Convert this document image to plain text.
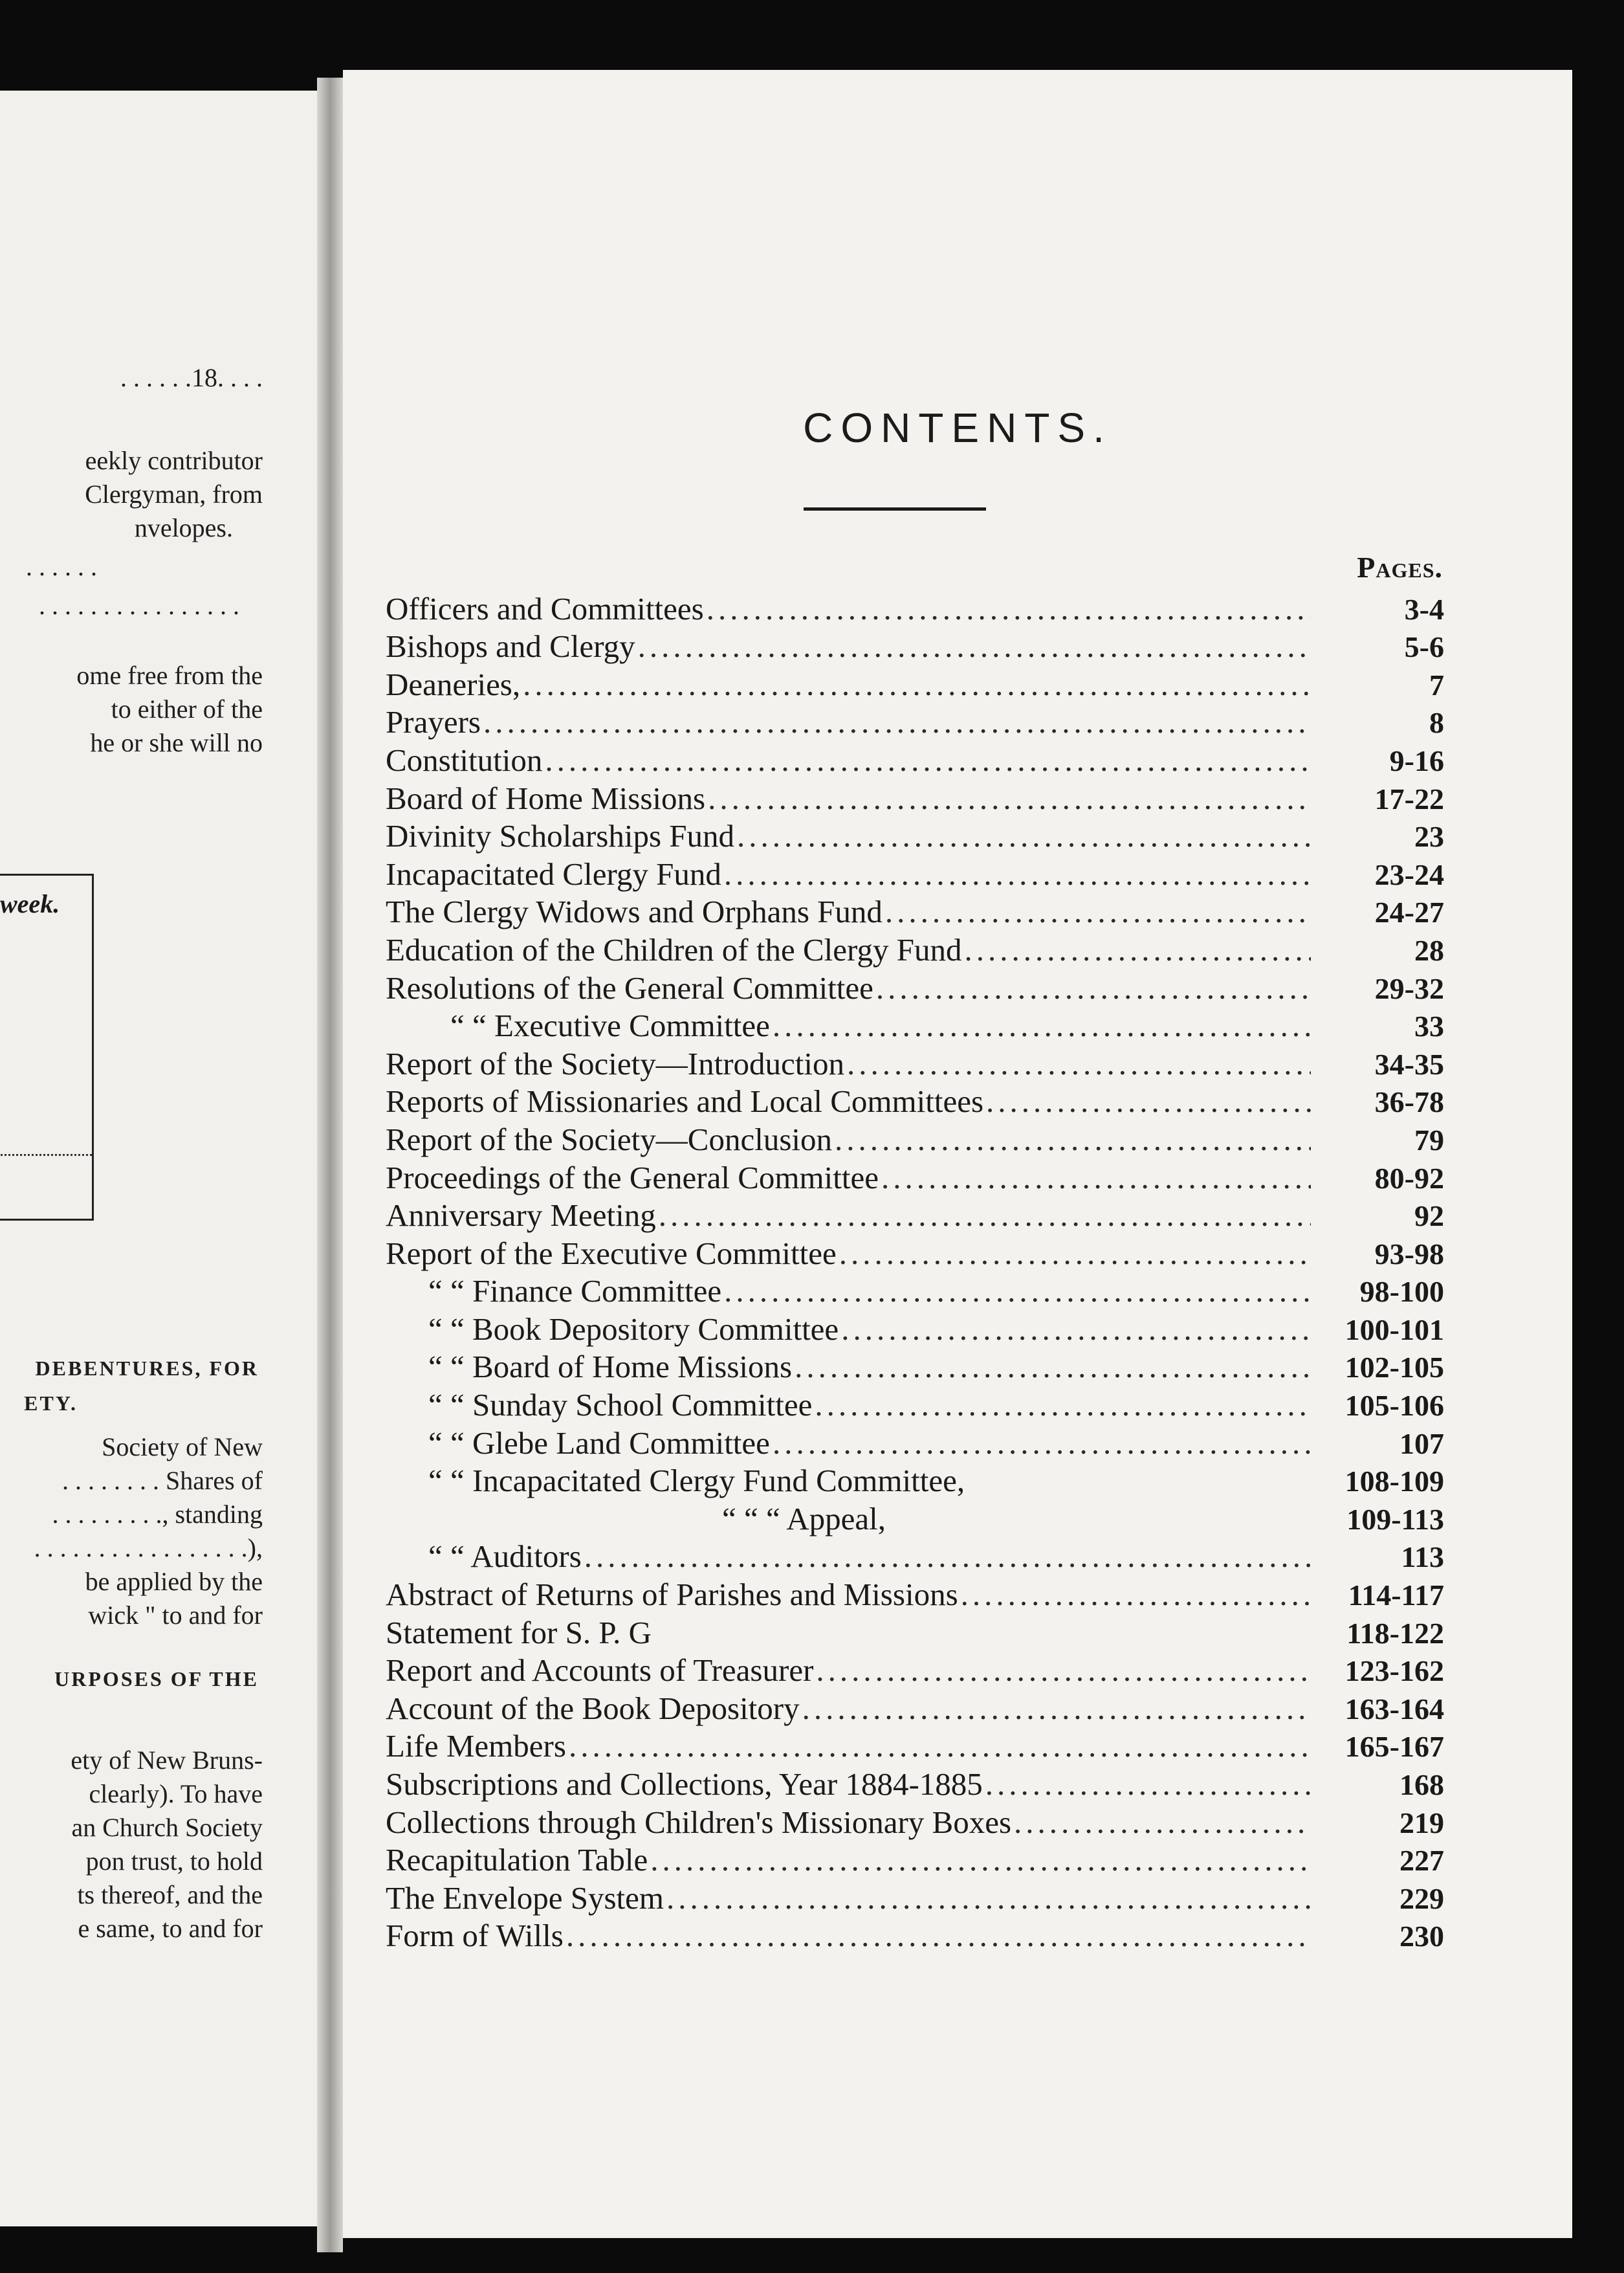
. . . . . .18. . . .
eekly contributor
Clergyman, from
nvelopes.
. . . . . .
. . . . . . . . . . . . . . . .
ome free from the
to either of the
he or she will no
week.
DEBENTURES, FOR
ETY.
Society of New
. . . . . . . . Shares of
. . . . . . . . ., standing
. . . . . . . . . . . . . . . . .),
be applied by the
wick " to and for
URPOSES OF THE
ety of New Bruns-
clearly). To have
an Church Society
pon trust, to hold
ts thereof, and the
e same, to and for
CONTENTS.
Pages.
Officers and Committees .....	3-4
Bishops and Clergy .....	5-6
Deaneries, .....	7
Prayers .....	8
Constitution .....	9-16
Board of Home Missions .....	17-22
Divinity Scholarships Fund .....	23
Incapacitated Clergy Fund .....	23-24
The Clergy Widows and Orphans Fund .....	24-27
Education of the Children of the Clergy Fund .....	28
Resolutions of the General Committee .....	29-32
“ “ Executive Committee .....	33
Report of the Society—Introduction .....	34-35
Reports of Missionaries and Local Committees .....	36-78
Report of the Society—Conclusion .....	79
Proceedings of the General Committee .....	80-92
Anniversary Meeting .....	92
Report of the Executive Committee .....	93-98
“ “ Finance Committee .....	98-100
“ “ Book Depository Committee .....	100-101
“ “ Board of Home Missions .....	102-105
“ “ Sunday School Committee .....	105-106
“ “ Glebe Land Committee .....	107
“ “ Incapacitated Clergy Fund Committee,	108-109
“ “ “ Appeal,	109-113
“ “ Auditors .....	113
Abstract of Returns of Parishes and Missions .....	114-117
Statement for S. P. G	118-122
Report and Accounts of Treasurer .....	123-162
Account of the Book Depository .....	163-164
Life Members .....	165-167
Subscriptions and Collections, Year 1884-1885 .....	168
Collections through Children's Missionary Boxes .....	219
Recapitulation Table .....	227
The Envelope System .....	229
Form of Wills .....	230
